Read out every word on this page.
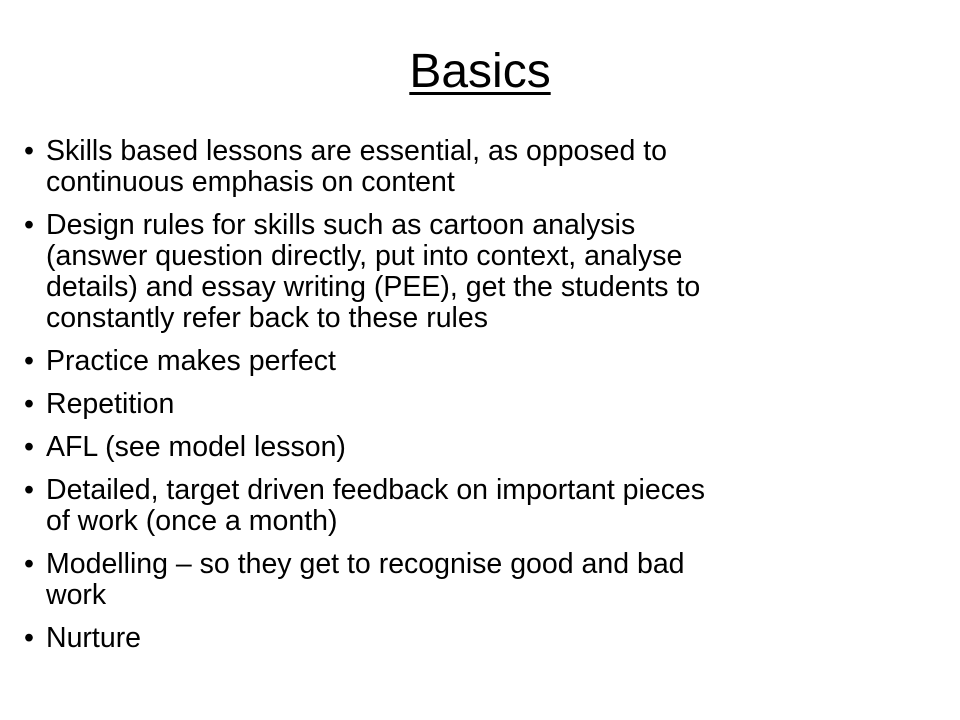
Basics
• Skills based lessons are essential, as opposed to
continuous emphasis on content
• Design rules for skills such as cartoon analysis
(answer question directly, put into context, analyse
details) and essay writing (PEE), get the students to
constantly refer back to these rules
• Practice makes perfect
• Repetition
• AFL (see model lesson)
• Detailed, target driven feedback on important pieces
of work (once a month)
• Modelling – so they get to recognise good and bad
work
• Nurture
